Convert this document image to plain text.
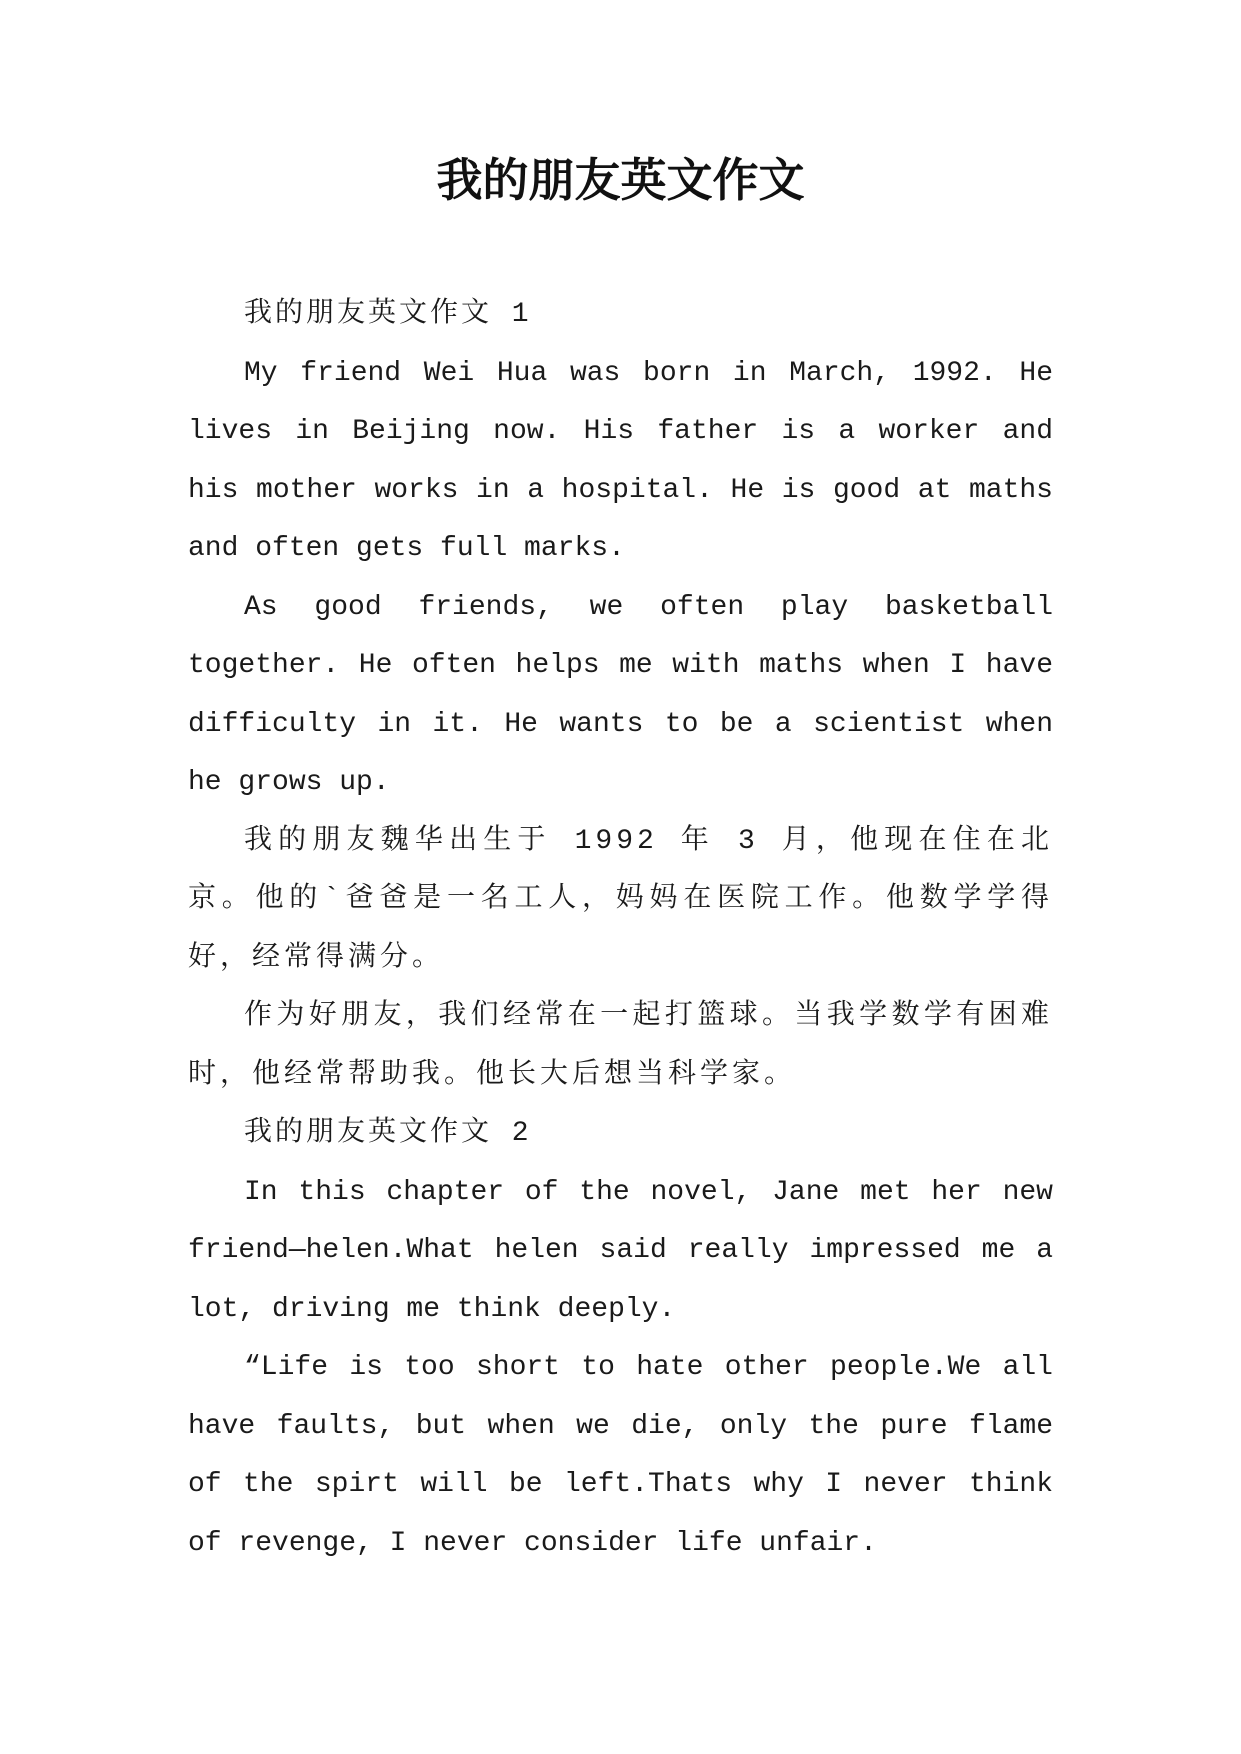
我的朋友英文作文

我的朋友英文作文 1

My friend Wei Hua was born in March, 1992. He lives in Beijing now. His father is a worker and his mother works in a hospital. He is good at maths and often gets full marks.

As good friends, we often play basketball together. He often helps me with maths when I have difficulty in it. He wants to be a scientist when he grows up.

我的朋友魏华出生于 1992 年 3 月，他现在住在北京。他的`爸爸是一名工人，妈妈在医院工作。他数学学得好，经常得满分。

作为好朋友，我们经常在一起打篮球。当我学数学有困难时，他经常帮助我。他长大后想当科学家。

我的朋友英文作文 2

In this chapter of the novel, Jane met her new friend—helen.What helen said really impressed me a lot, driving me think deeply.

“Life is too short to hate other people.We all have faults, but when we die, only the pure flame of the spirt will be left.Thats why I never think of revenge, I never consider life unfair.
